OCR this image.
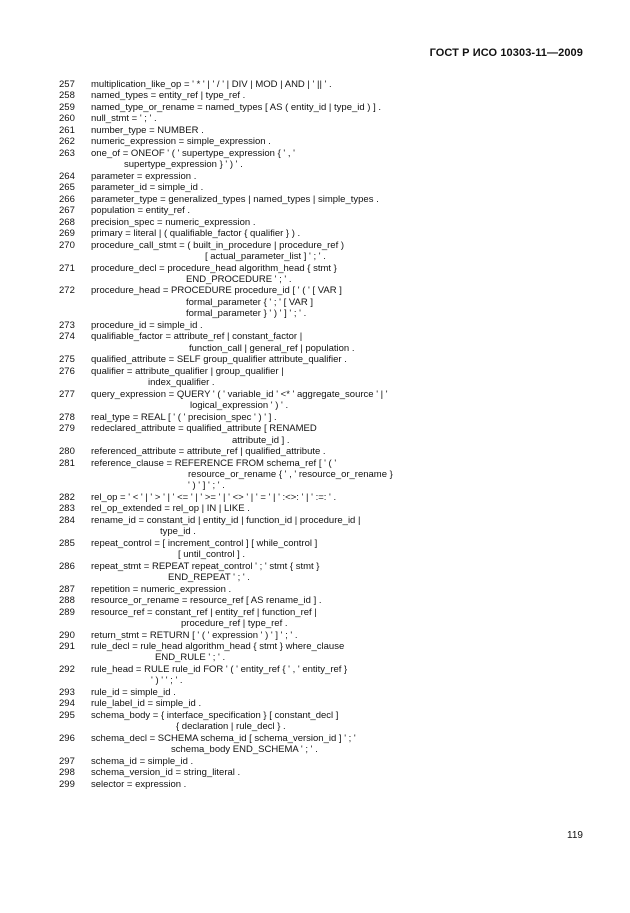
ГОСТ Р ИСО 10303-11—2009
257 multiplication_like_op = ' * ' | ' / ' | DIV | MOD | AND | ' || ' .
258 named_types = entity_ref | type_ref .
259 named_type_or_rename = named_types [ AS ( entity_id | type_id ) ] .
260 null_stmt = ' ; ' .
261 number_type = NUMBER .
262 numeric_expression = simple_expression .
263 one_of = ONEOF ' ( ' supertype_expression { ' , '
supertype_expression } ' ) ' .
264 parameter = expression .
265 parameter_id = simple_id .
266 parameter_type = generalized_types | named_types | simple_types .
267 population = entity_ref .
268 precision_spec = numeric_expression .
269 primary = literal | ( qualifiable_factor { qualifier } ) .
270 procedure_call_stmt = ( built_in_procedure | procedure_ref )
[ actual_parameter_list ] ' ; ' .
271 procedure_decl = procedure_head algorithm_head { stmt }
END_PROCEDURE ' ; ' .
272 procedure_head = PROCEDURE procedure_id [ ' ( ' [ VAR ]
formal_parameter { ' ; ' [ VAR ]
formal_parameter } ' ) ' ] ' ; ' .
273 procedure_id = simple_id .
274 qualifiable_factor = attribute_ref | constant_factor |
function_call | general_ref | population .
275 qualified_attribute = SELF group_qualifier attribute_qualifier .
276 qualifier = attribute_qualifier | group_qualifier |
index_qualifier .
277 query_expression = QUERY ' ( ' variable_id ' <* ' aggregate_source ' | '
logical_expression ' ) ' .
278 real_type = REAL [ ' ( ' precision_spec ' ) ' ] .
279 redeclared_attribute = qualified_attribute [ RENAMED
attribute_id ] .
280 referenced_attribute = attribute_ref | qualified_attribute .
281 reference_clause = REFERENCE FROM schema_ref [ ' ( '
resource_or_rename { ' , ' resource_or_rename }
' ) ' ] ' ; ' .
282 rel_op = ' < ' | ' > ' | ' <= ' | ' >= ' | ' <> ' | ' = ' | ' :<>: ' | ' :=: ' .
283 rel_op_extended = rel_op | IN | LIKE .
284 rename_id = constant_id | entity_id | function_id | procedure_id |
type_id .
285 repeat_control = [ increment_control ] [ while_control ]
[ until_control ] .
286 repeat_stmt = REPEAT repeat_control ' ; ' stmt { stmt }
END_REPEAT ' ; ' .
287 repetition = numeric_expression .
288 resource_or_rename = resource_ref [ AS rename_id ] .
289 resource_ref = constant_ref | entity_ref | function_ref |
procedure_ref | type_ref .
290 return_stmt = RETURN [ ' ( ' expression ' ) ' ] ' ; ' .
291 rule_decl = rule_head algorithm_head { stmt } where_clause
END_RULE ' ; ' .
292 rule_head = RULE rule_id FOR ' ( ' entity_ref { ' , ' entity_ref }
' ) ' ' ; ' .
293 rule_id = simple_id .
294 rule_label_id = simple_id .
295 schema_body = { interface_specification } [ constant_decl ]
{ declaration | rule_decl } .
296 schema_decl = SCHEMA schema_id [ schema_version_id ] ' ; '
schema_body END_SCHEMA ' ; ' .
297 schema_id = simple_id .
298 schema_version_id = string_literal .
299 selector = expression .
119
